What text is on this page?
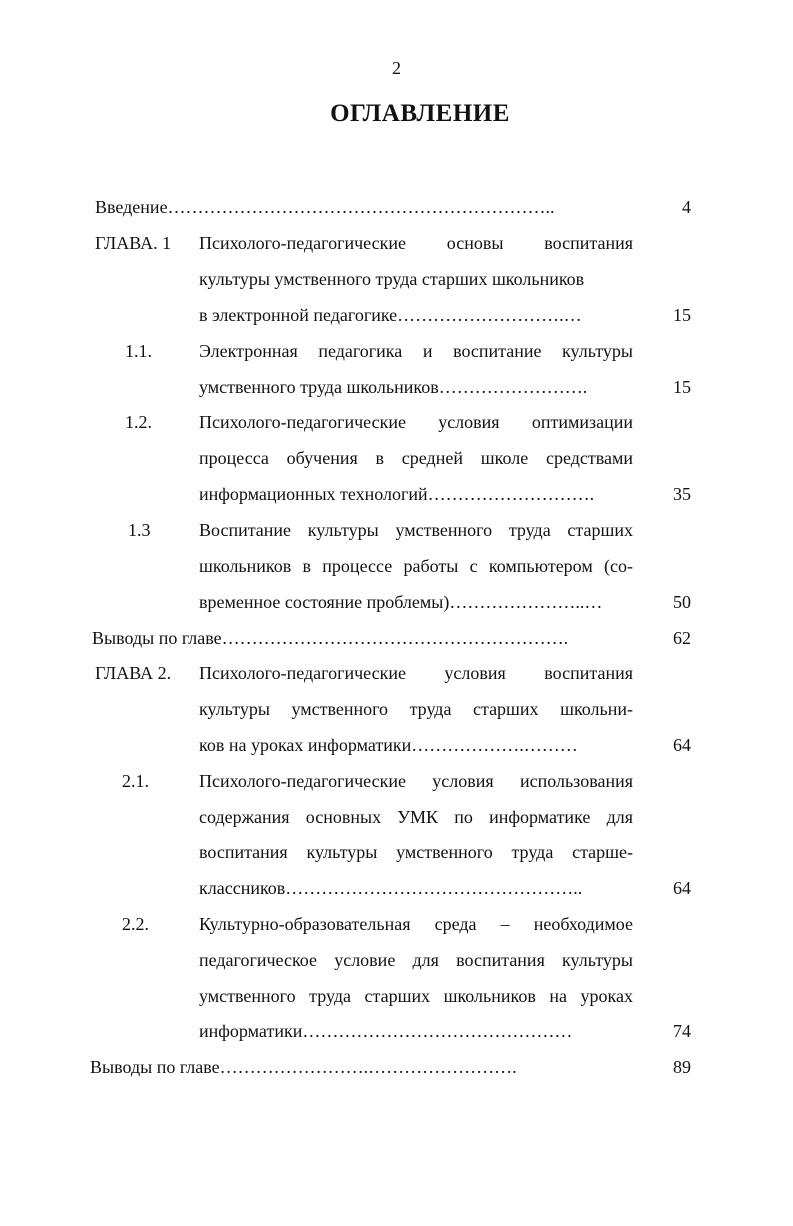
2
ОГЛАВЛЕНИЕ
Введение………………………………………………………..	4
ГЛАВА. 1 Психолого-педагогические основы воспитания
культуры умственного труда старших школьников
в электронной педагогике……………………….…	15
1.1.	Электронная педагогика и воспитание культуры
умственного труда школьников…………………….	15
1.2.	Психолого-педагогические условия оптимизации
процесса обучения в средней школе средствами
информационных технологий……………………….	35
1.3	Воспитание культуры умственного труда старших
школьников в процессе работы с компьютером (со-
временное состояние проблемы)…………………..…	50
Выводы по главе………………………………………………….	62
ГЛАВА 2. Психолого-педагогические условия воспитания
культуры умственного труда старших школьни-
ков на уроках информатики……………….………	64
2.1.	Психолого-педагогические условия использования
содержания основных УМК по информатике для
воспитания культуры умственного труда старше-
классников…………………………………………..	64
2.2.	Культурно-образовательная среда – необходимое
педагогическое условие для воспитания культуры
умственного труда старших школьников на уроках
информатики………………………………………	74
Выводы по главе…………………….…………………….	89
